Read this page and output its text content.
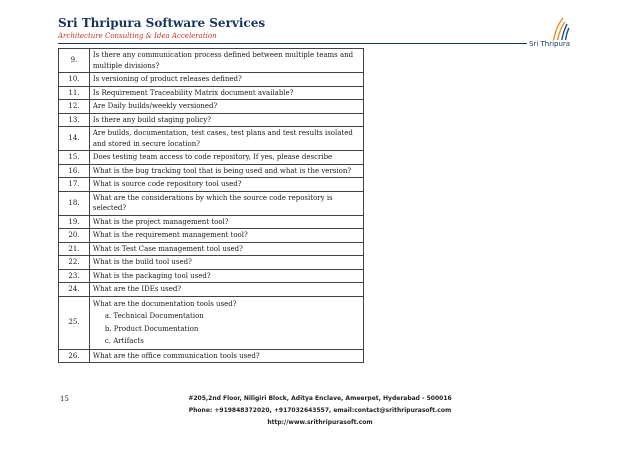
Sri Thripura Software Services
Architecture Consulting & Idea Acceleration
Sri Thripura
9.	Is there any communication process defined between multiple teams and multiple divisions?
10.	Is versioning of product releases defined?
11.	Is Requirement Traceability Matrix document available?
12.	Are Daily builds/weekly versioned?
13.	Is there any build staging policy?
14.	Are builds, documentation, test cases, test plans and test results isolated and stored in secure location?
15.	Does testing team access to code repository, If yes, please describe
16.	What is the bug tracking tool that is being used and what is the version?
17.	What is source code repository tool used?
18.	What are the considerations by which the source code repository is selected?
19.	What is the project management tool?
20.	What is the requirement management tool?
21.	What is Test Case management tool used?
22.	What is the build tool used?
23.	What is the packaging tool used?
24.	What are the IDEs used?
25.	What are the documentation tools used?
a. Technical Documentation
b. Product Documentation
c. Artifacts

26.	What are the office communication tools used?
15	#205,2nd Floor, Niligiri Block, Aditya Enclave, Ameerpet, Hyderabad - 500016
Phone: +919848372020, +917032643557, email:contact@srithripurasoft.com
http://www.srithripurasoft.com
